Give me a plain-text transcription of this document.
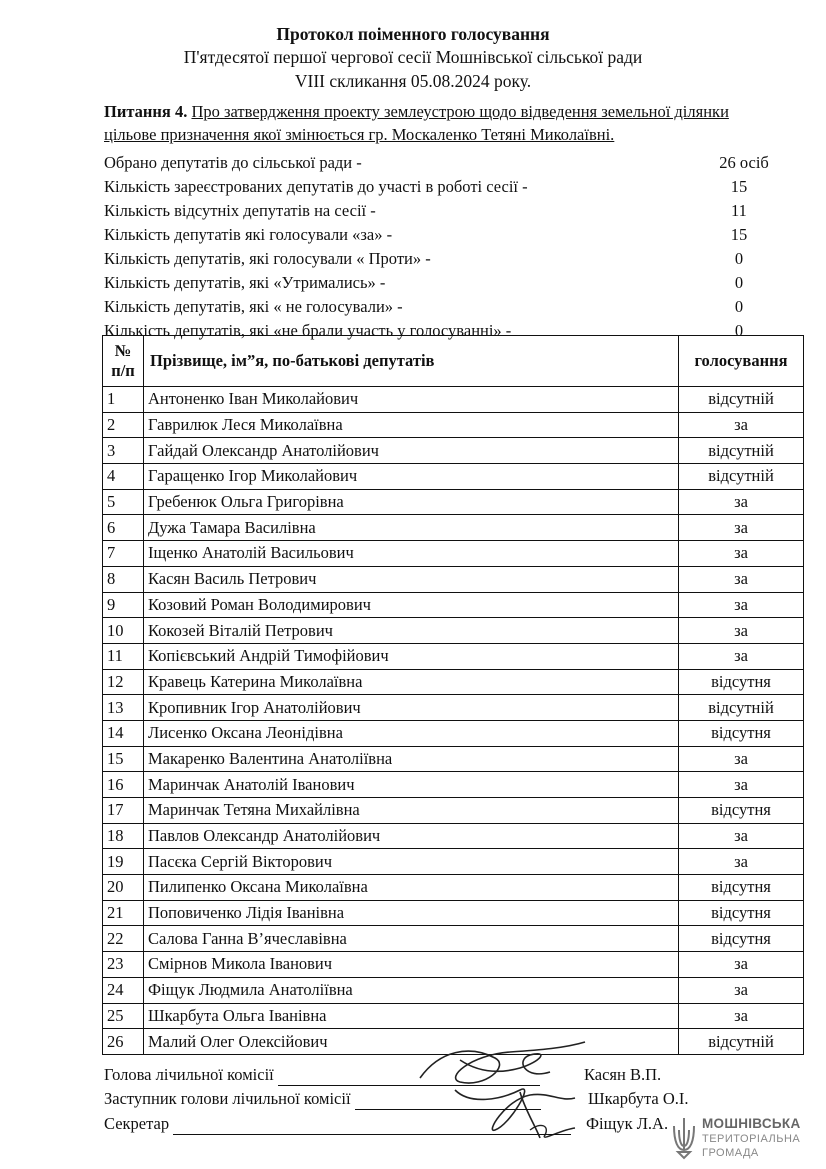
Протокол поіменного голосування
П'ятдесятої першої чергової сесії Мошнівської сільської ради
VIII скликання 05.08.2024 року.
Питання 4. Про затвердження проекту землеустрою щодо відведення земельної ділянки
цільове призначення якої змінюється гр. Москаленко Тетяні Миколаївні.
Обрано депутатів до сільської ради -	26 осіб
Кількість зареєстрованих депутатів до участі в роботі сесії -	15
Кількість відсутніх депутатів на сесії -	11
Кількість депутатів які голосували «за» -	15
Кількість депутатів, які голосували « Проти» -	0
Кількість депутатів, які «Утримались» -	0
Кількість депутатів, які « не голосували» -	0
Кількість депутатів, які «не брали участь у голосуванні» -	0
№
п/п	Прізвище, ім”я, по-батькові депутатів	голосування
1	Антоненко Іван Миколайович	відсутній
2	Гаврилюк Леся Миколаївна	за
3	Гайдай Олександр Анатолійович	відсутній
4	Гаращенко Ігор Миколайович	відсутній
5	Гребенюк Ольга Григорівна	за
6	Дужа Тамара Василівна	за
7	Іщенко Анатолій Васильович	за
8	Касян Василь Петрович	за
9	Козовий Роман Володимирович	за
10	Кокозей Віталій Петрович	за
11	Копієвський Андрій Тимофійович	за
12	Кравець Катерина Миколаївна	відсутня
13	Кропивник Ігор Анатолійович	відсутній
14	Лисенко Оксана Леонідівна	відсутня
15	Макаренко Валентина Анатоліївна	за
16	Маринчак Анатолій Іванович	за
17	Маринчак Тетяна Михайлівна	відсутня
18	Павлов Олександр Анатолійович	за
19	Пасєка Сергій Вікторович	за
20	Пилипенко Оксана Миколаївна	відсутня
21	Поповиченко Лідія Іванівна	відсутня
22	Салова Ганна В’ячеславівна	відсутня
23	Смірнов Микола Іванович	за
24	Фіщук Людмила Анатоліївна	за
25	Шкарбута Ольга Іванівна	за
26	Малий Олег Олексійович	відсутній
Голова лічильної комісії	Касян В.П.
Заступник голови лічильної комісії	Шкарбута О.І.
Секретар	Фіщук Л.А.	МОШНІВСЬКА
ТЕРИТОРІАЛЬНА
ГРОМАДА
